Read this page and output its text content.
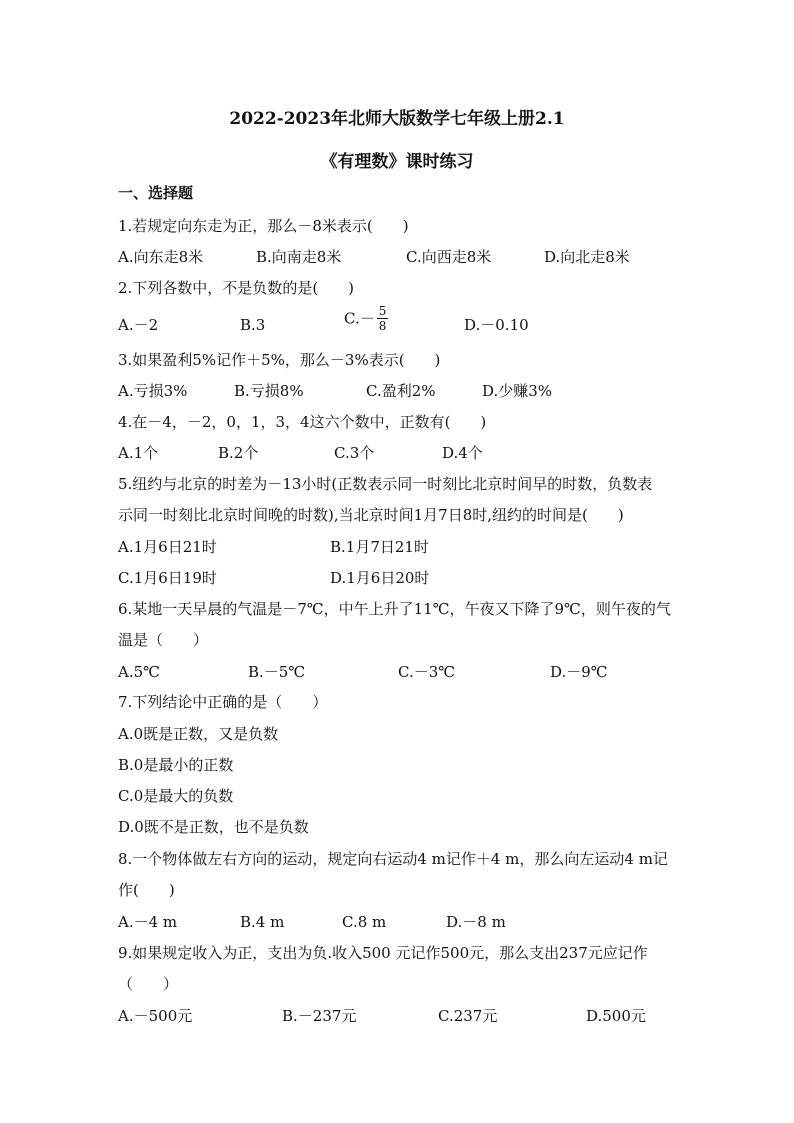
2022-2023年北师大版数学七年级上册2.1
《有理数》课时练习
一、选择题
1.若规定向东走为正，那么－8米表示(　　)
A.向东走8米	B.向南走8米	C.向西走8米	D.向北走8米
2.下列各数中，不是负数的是(　　)
A.－2	B.3	$C.- \frac{5}{8}$	D.－0.10
3.如果盈利5%记作＋5%，那么－3%表示(　　)
A.亏损3%	B.亏损8%	C.盈利2%	D.少赚3%
4.在－4，－2，0，1，3，4这六个数中，正数有(　　)
A.1个	B.2个	C.3个	D.4个
5.纽约与北京的时差为－13小时(正数表示同一时刻比北京时间早的时数，负数表
示同一时刻比北京时间晚的时数),当北京时间1月7日8时,纽约的时间是(　　)
A.1月6日21时	B.1月7日21时
C.1月6日19时	D.1月6日20时
6.某地一天早晨的气温是－7℃，中午上升了11℃，午夜又下降了9℃，则午夜的气
温是（　　）
A.5℃	B.－5℃	C.－3℃	D.－9℃
7.下列结论中正确的是（　　）
A.0既是正数，又是负数
B.0是最小的正数
C.0是最大的负数
D.0既不是正数，也不是负数
8.一个物体做左右方向的运动，规定向右运动4 m记作＋4 m，那么向左运动4 m记
作(　　)
A.－4 m	B.4 m	C.8 m	D.－8 m
9.如果规定收入为正，支出为负.收入500 元记作500元，那么支出237元应记作
（　　）
A.－500元	B.－237元	C.237元	D.500元
